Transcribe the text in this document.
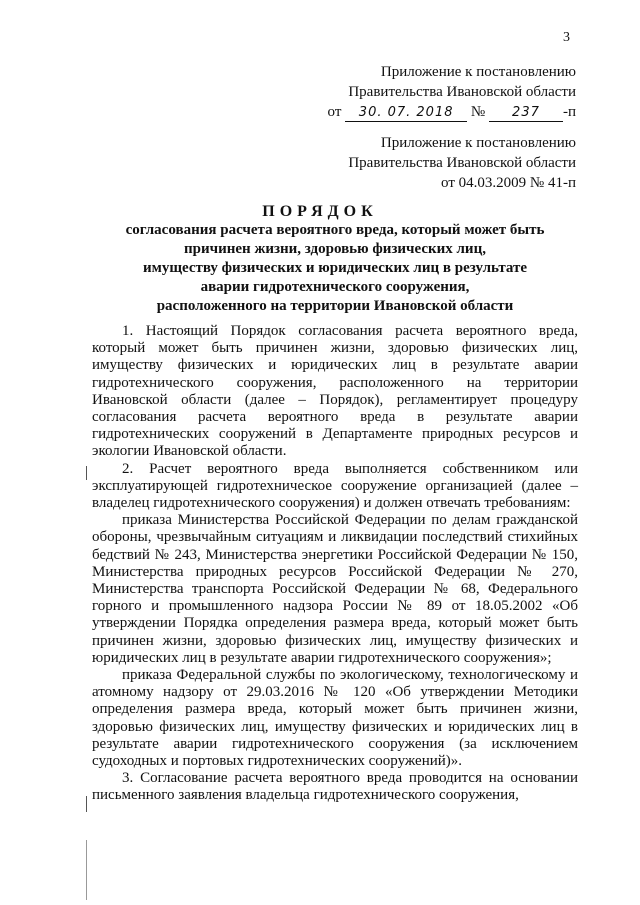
3
Приложение к постановлению
Правительства Ивановской области
от 30. 07. 2018 № 237 -п
Приложение к постановлению
Правительства Ивановской области
от 04.03.2009 № 41-п
ПОРЯДОК
согласования расчета вероятного вреда, который может быть
причинен жизни, здоровью физических лиц,
имуществу физических и юридических лиц в результате
аварии гидротехнического сооружения,
расположенного на территории Ивановской области

1. Настоящий Порядок согласования расчета вероятного вреда, который может быть причинен жизни, здоровью физических лиц, имуществу физических и юридических лиц в результате аварии гидротехнического сооружения, расположенного на территории Ивановской области (далее – Порядок), регламентирует процедуру согласования расчета вероятного вреда в результате аварии гидротехнических сооружений в Департаменте природных ресурсов и экологии Ивановской области.

2. Расчет вероятного вреда выполняется собственником или эксплуатирующей гидротехническое сооружение организацией (далее – владелец гидротехнического сооружения) и должен отвечать требованиям:

приказа Министерства Российской Федерации по делам гражданской обороны, чрезвычайным ситуациям и ликвидации последствий стихийных бедствий № 243, Министерства энергетики Российской Федерации № 150, Министерства природных ресурсов Российской Федерации № 270, Министерства транспорта Российской Федерации № 68, Федерального горного и промышленного надзора России № 89 от 18.05.2002 «Об утверждении Порядка определения размера вреда, который может быть причинен жизни, здоровью физических лиц, имуществу физических и юридических лиц в результате аварии гидротехнического сооружения»;

приказа Федеральной службы по экологическому, технологическому и атомному надзору от 29.03.2016 № 120 «Об утверждении Методики определения размера вреда, который может быть причинен жизни, здоровью физических лиц, имуществу физических и юридических лиц в результате аварии гидротехнического сооружения (за исключением судоходных и портовых гидротехнических сооружений)».

3. Согласование расчета вероятного вреда проводится на основании письменного заявления владельца гидротехнического сооружения,
